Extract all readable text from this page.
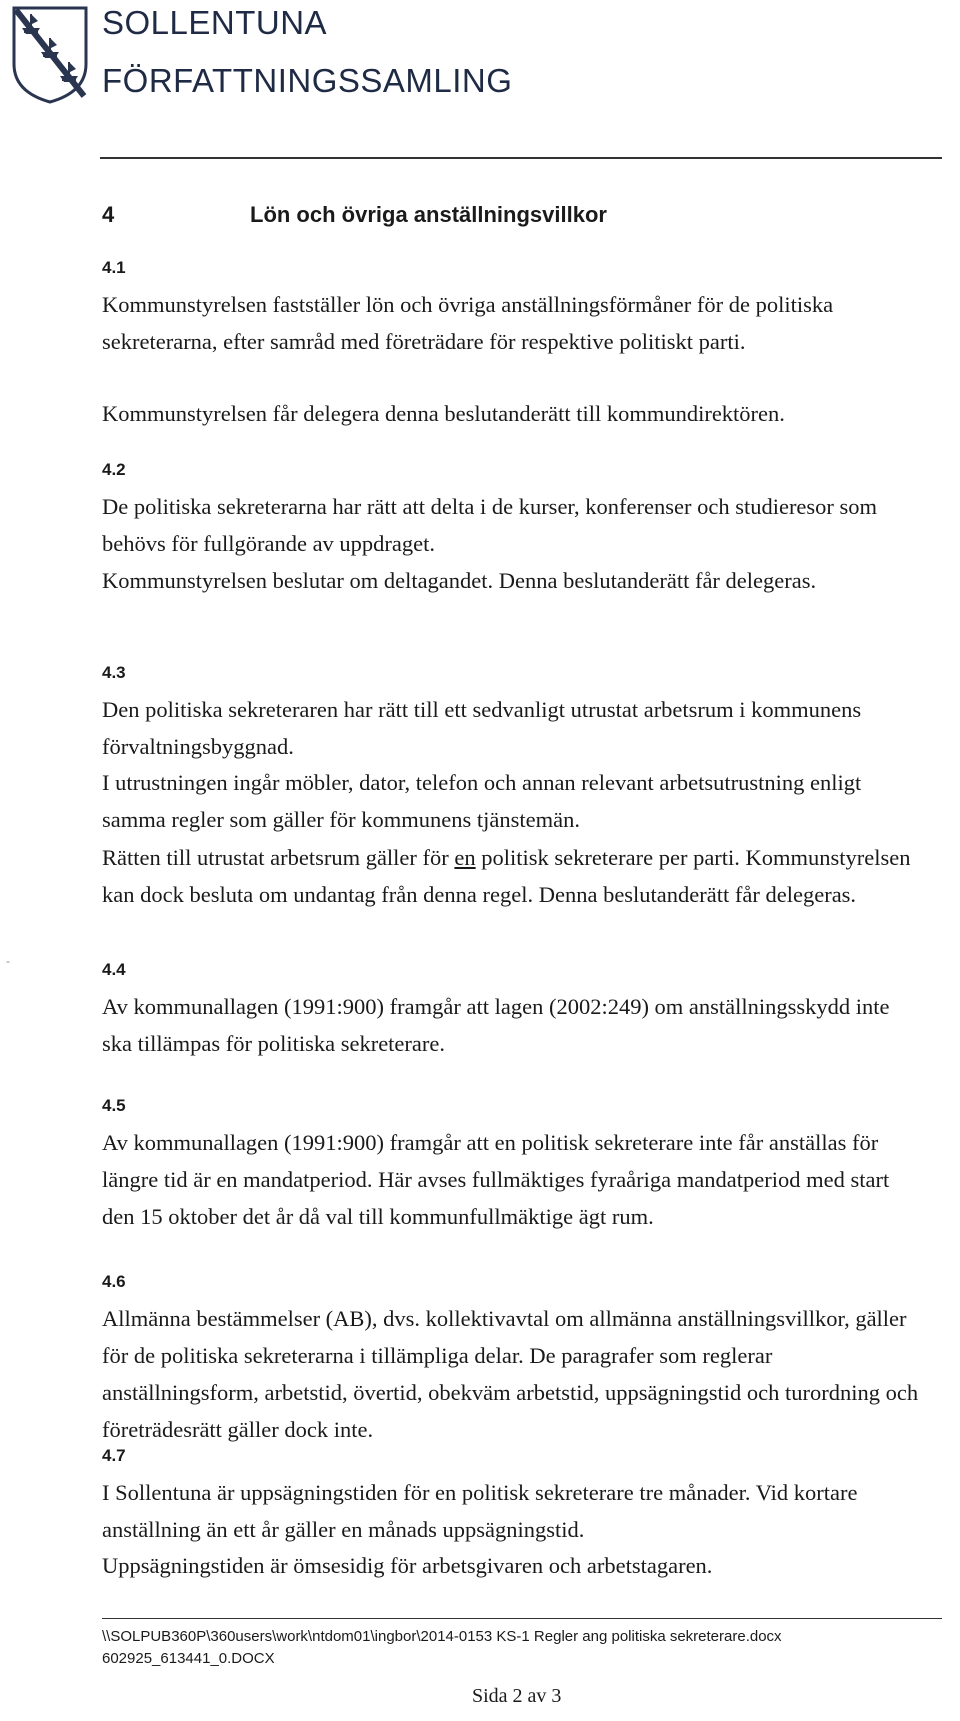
SOLLENTUNA
FÖRFATTNINGSSAMLING
4	Lön och övriga anställningsvillkor
4.1

Kommunstyrelsen fastställer lön och övriga anställningsförmåner för de politiska sekreterarna, efter samråd med företrädare för respektive politiskt parti.

Kommunstyrelsen får delegera denna beslutanderätt till kommundirektören.

4.2

De politiska sekreterarna har rätt att delta i de kurser, konferenser och studieresor som behövs för fullgörande av uppdraget.

Kommunstyrelsen beslutar om deltagandet. Denna beslutanderätt får delegeras.

4.3

Den politiska sekreteraren har rätt till ett sedvanligt utrustat arbetsrum i kommunens förvaltningsbyggnad.

I utrustningen ingår möbler, dator, telefon och annan relevant arbetsutrustning enligt samma regler som gäller för kommunens tjänstemän.

Rätten till utrustat arbetsrum gäller för en politisk sekreterare per parti. Kommunstyrelsen kan dock besluta om undantag från denna regel. Denna beslutanderätt får delegeras.

4.4

Av kommunallagen (1991:900) framgår att lagen (2002:249) om anställningsskydd inte ska tillämpas för politiska sekreterare.

4.5

Av kommunallagen (1991:900) framgår att en politisk sekreterare inte får anställas för längre tid är en mandatperiod. Här avses fullmäktiges fyraåriga mandatperiod med start den 15 oktober det år då val till kommunfullmäktige ägt rum.

4.6

Allmänna bestämmelser (AB), dvs. kollektivavtal om allmänna anställningsvillkor, gäller för de politiska sekreterarna i tillämpliga delar. De paragrafer som reglerar anställningsform, arbetstid, övertid, obekväm arbetstid, uppsägningstid och turordning och företrädesrätt gäller dock inte.

4.7

I Sollentuna är uppsägningstiden för en politisk sekreterare tre månader. Vid kortare anställning än ett år gäller en månads uppsägningstid.

Uppsägningstiden är ömsesidig för arbetsgivaren och arbetstagaren.

-
\\SOLPUB360P\360users\work\ntdom01\ingbor\2014-0153 KS-1 Regler ang politiska sekreterare.docx
602925_613441_0.DOCX
Sida 2 av 3
